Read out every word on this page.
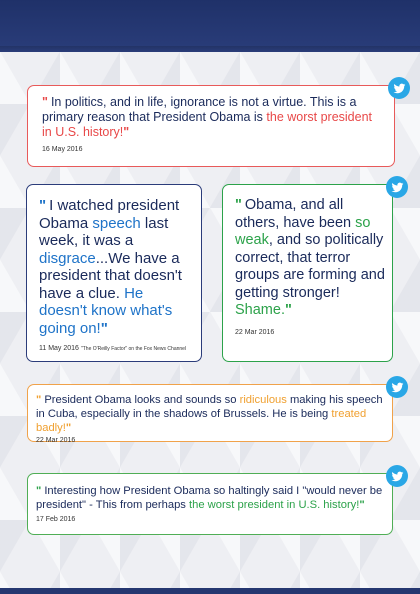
" In politics, and in life, ignorance is not a virtue. This is a primary reason that President Obama is the worst president in U.S. history!"

16 May 2016

" I watched president Obama speech last week, it was a disgrace...We have a president that doesn't have a clue. He doesn't know what's going on!"

11 May 2016 "The O'Reilly Factor" on the Fox News Channel

" Obama, and all others, have been so weak, and so politically correct, that terror groups are forming and getting stronger! Shame."

22 Mar 2016

" President Obama looks and sounds so ridiculous making his speech in Cuba, especially in the shadows of Brussels. He is being treated badly!"

22 Mar 2016

" Interesting how President Obama so haltingly said I "would never be president" - This from perhaps the worst president in U.S. history!"

17 Feb 2016
